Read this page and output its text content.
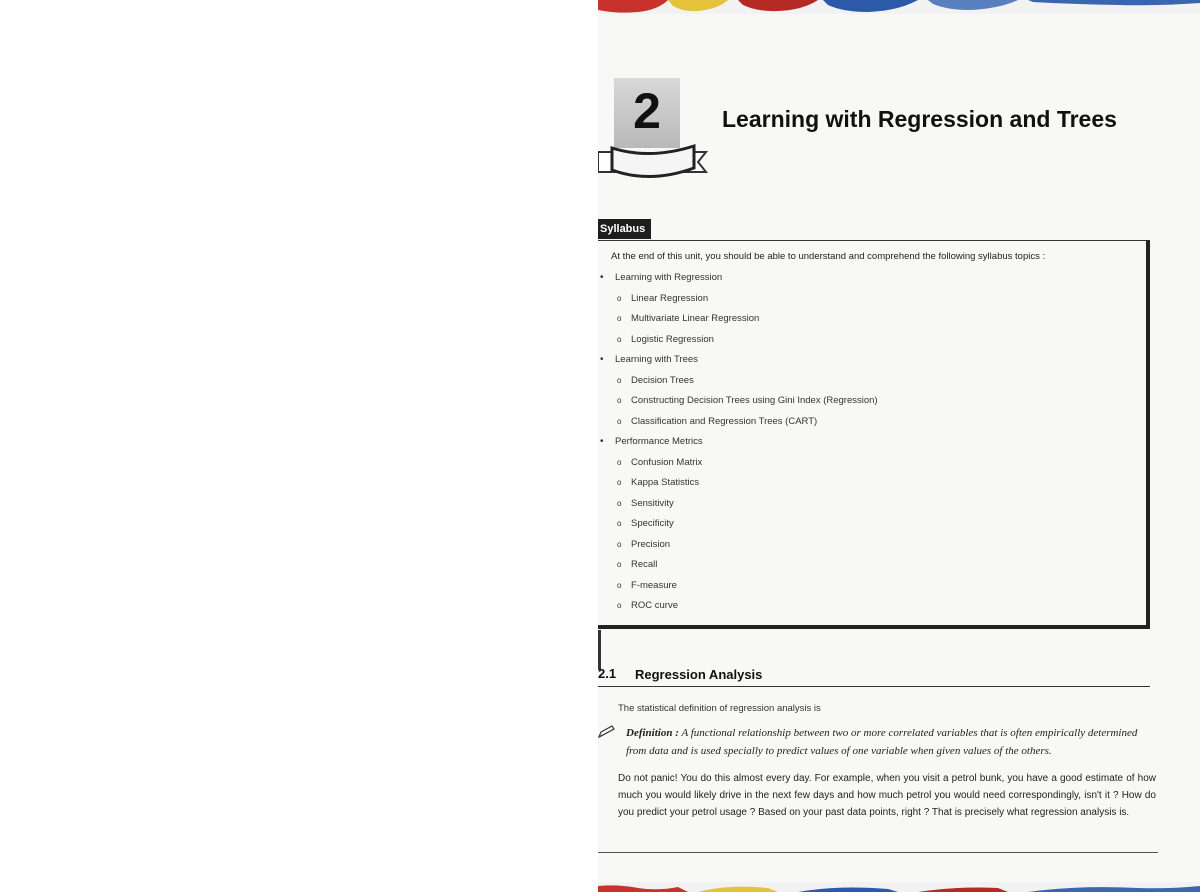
2	Learning with Regression and Trees
Syllabus
At the end of this unit, you should be able to understand and comprehend the following syllabus topics :
• Learning with Regression
o Linear Regression
o Multivariate Linear Regression
o Logistic Regression
• Learning with Trees
o Decision Trees
o Constructing Decision Trees using Gini Index (Regression)
o Classification and Regression Trees (CART)
• Performance Metrics
o Confusion Matrix
o Kappa Statistics
o Sensitivity
o Specificity
o Precision
o Recall
o F-measure
o ROC curve
2.1 Regression Analysis
The statistical definition of regression analysis is
Definition : A functional relationship between two or more correlated variables that is often empirically determined from data and is used specially to predict values of one variable when given values of the others.
Do not panic! You do this almost every day. For example, when you visit a petrol bunk, you have a good estimate of how much you would likely drive in the next few days and how much petrol you would need correspondingly, isn't it ? How do you predict your petrol usage ? Based on your past data points, right ? That is precisely what regression analysis is.
